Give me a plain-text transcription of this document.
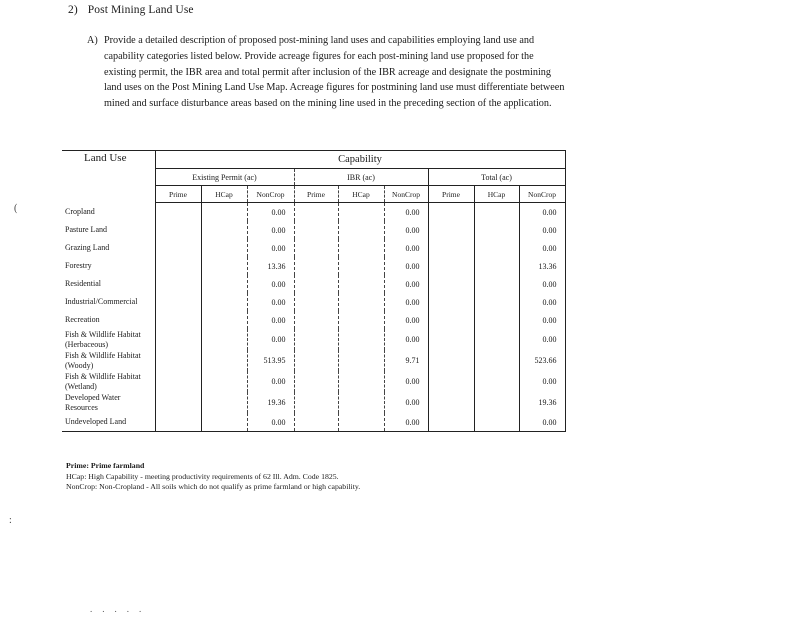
2) Post Mining Land Use
A) Provide a detailed description of proposed post-mining land uses and capabilities employing land use and capability categories listed below. Provide acreage figures for each post-mining land use proposed for the existing permit, the IBR area and total permit after inclusion of the IBR acreage and designate the postmining land uses on the Post Mining Land Use Map. Acreage figures for postmining land use must differentiate between mined and surface disturbance areas based on the mining line used in the preceding section of the application.
Land Use	Capability								
	Existing Permit (ac)			IBR (ac)			Total (ac)		
	Prime	HCap	NonCrop	Prime	HCap	NonCrop	Prime	HCap	NonCrop
Cropland			0.00			0.00			0.00
Pasture Land			0.00			0.00			0.00
Grazing Land			0.00			0.00			0.00
Forestry			13.36			0.00			13.36
Residential			0.00			0.00			0.00
Industrial/Commercial			0.00			0.00			0.00
Recreation			0.00			0.00			0.00
Fish & Wildlife Habitat (Herbaceous)			0.00			0.00			0.00
Fish & Wildlife Habitat (Woody)			513.95			9.71			523.66
Fish & Wildlife Habitat (Wetland)			0.00			0.00			0.00
Developed Water Resources			19.36			0.00			19.36
Undeveloped Land			0.00			0.00			0.00
Prime: Prime farmland
HCap: High Capability - meeting productivity requirements of 62 Ill. Adm. Code 1825.
NonCrop: Non-Cropland - All soils which do not qualify as prime farmland or high capability.
(
:
.....
